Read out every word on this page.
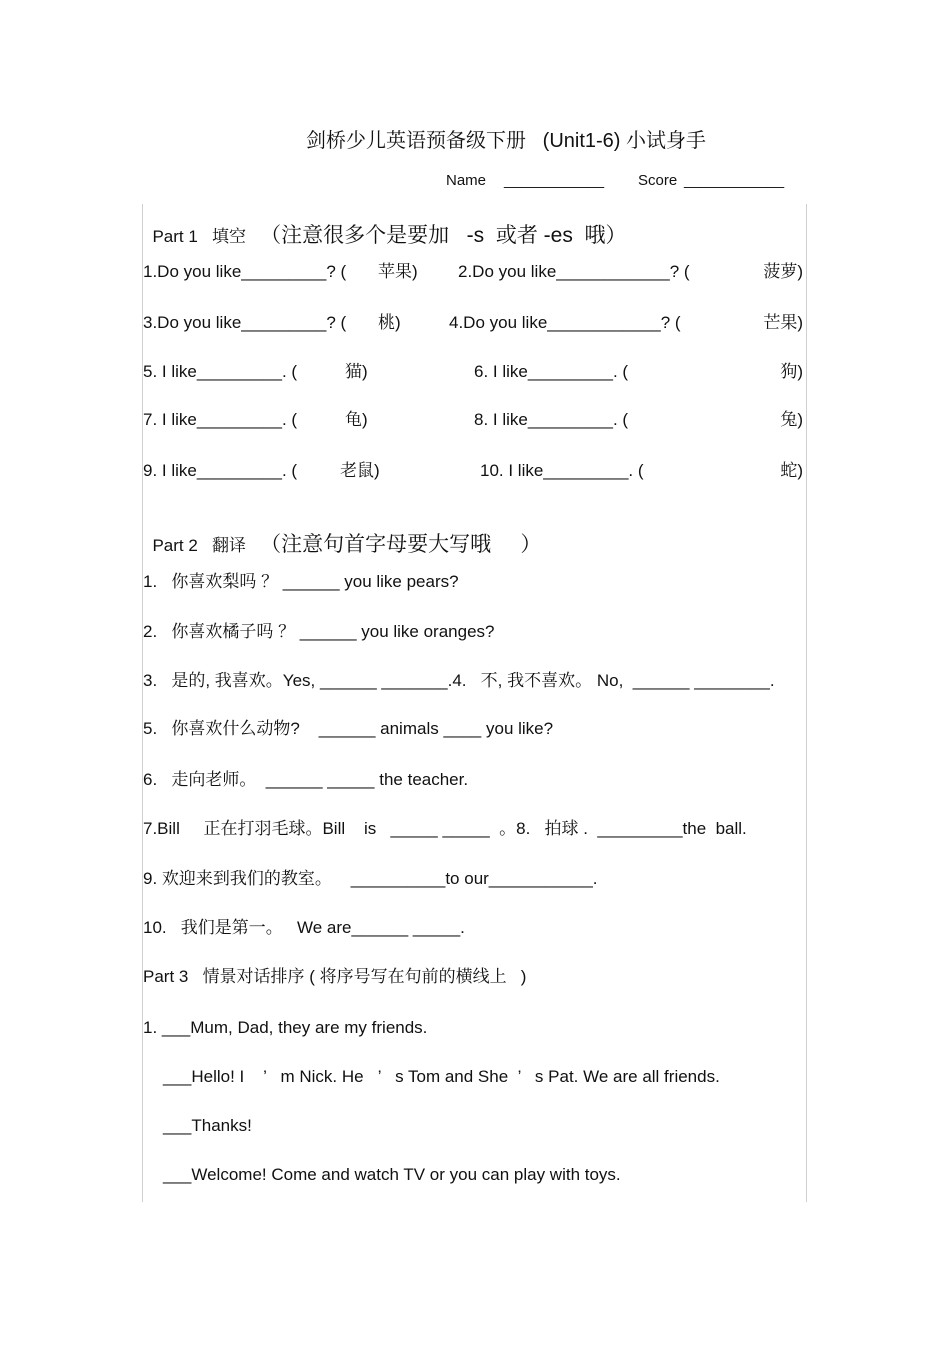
剑桥少儿英语预备级下册   (Unit1-6) 小试身手
Name ____________ Score ____________

Part 1   填空   （注意很多个是要加   -s  或者 -es  哦）

1.Do you like_________? ( 苹果) 2.Do you like____________? (	菠萝)
3.Do you like_________? ( 桃)	4.Do you like____________? (	芒果)
5. I like_________. (	猫)	6. I like_________. (	狗)
7. I like_________. (	龟)	8. I like_________. (	兔)
9. I like_________. (	老鼠)	10. I like_________. (	蛇)

Part 2   翻译   （注意句首字母要大写哦     ）

1.   你喜欢梨吗 ？ ______ you like pears?
2.   你喜欢橘子吗 ？ ______ you like oranges?
3.   是的, 我喜欢。Yes, ______ _______.4.   不, 我不喜欢。 No,  ______ ________.
5.   你喜欢什么动物?    ______ animals ____ you like?
6.   走向老师。  ______ _____ the teacher.
7.Bill     正在打羽毛球。Bill    is   _____ _____  。8.   拍球 .  _________the  ball.
9. 欢迎来到我们的教室。    __________to our___________.
10.   我们是第一。   We are______ _____.
Part 3   情景对话排序 ( 将序号写在句前的横线上   )
1. ___Mum, Dad, they are my friends.
___Hello! I    ’   m Nick. He   ’   s Tom and She  ’   s Pat. We are all friends.
___Thanks!
___Welcome! Come and watch TV or you can play with toys.
